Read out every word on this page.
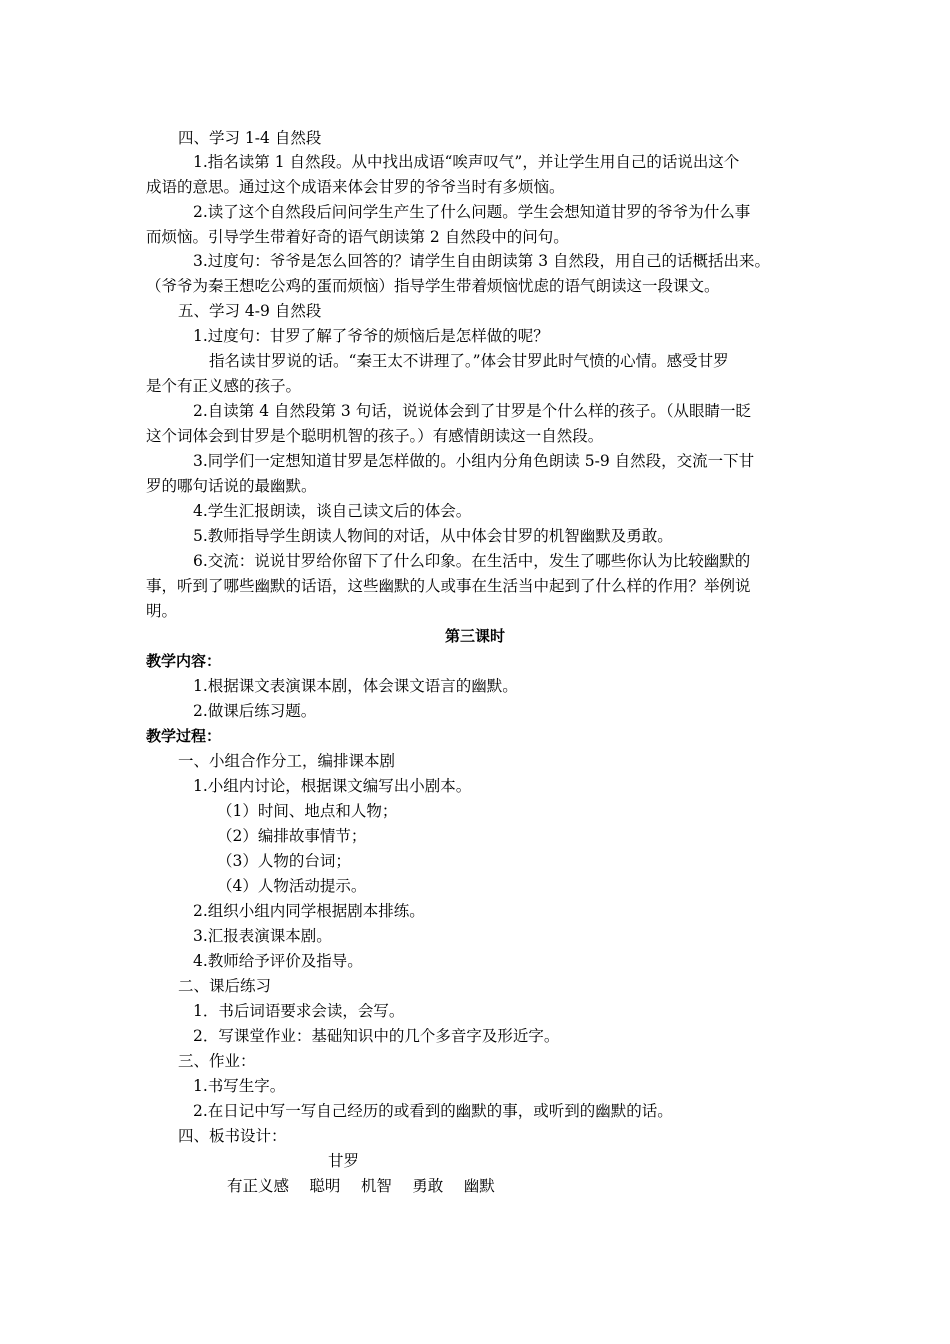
四、学习 1-4 自然段
1.指名读第 1 自然段。从中找出成语“唉声叹气”，并让学生用自己的话说出这个
成语的意思。通过这个成语来体会甘罗的爷爷当时有多烦恼。
2.读了这个自然段后问问学生产生了什么问题。学生会想知道甘罗的爷爷为什么事
而烦恼。引导学生带着好奇的语气朗读第 2 自然段中的问句。
3.过度句：爷爷是怎么回答的？请学生自由朗读第 3 自然段，用自己的话概括出来。
（爷爷为秦王想吃公鸡的蛋而烦恼）指导学生带着烦恼忧虑的语气朗读这一段课文。
五、学习 4-9 自然段
1.过度句：甘罗了解了爷爷的烦恼后是怎样做的呢？
指名读甘罗说的话。“秦王太不讲理了。”体会甘罗此时气愤的心情。感受甘罗
是个有正义感的孩子。
2.自读第 4 自然段第 3 句话，说说体会到了甘罗是个什么样的孩子。（从眼睛一眨
这个词体会到甘罗是个聪明机智的孩子。）有感情朗读这一自然段。
3.同学们一定想知道甘罗是怎样做的。小组内分角色朗读 5-9 自然段，交流一下甘
罗的哪句话说的最幽默。
4.学生汇报朗读，谈自己读文后的体会。
5.教师指导学生朗读人物间的对话，从中体会甘罗的机智幽默及勇敢。
6.交流：说说甘罗给你留下了什么印象。在生活中，发生了哪些你认为比较幽默的
事，听到了哪些幽默的话语，这些幽默的人或事在生活当中起到了什么样的作用？举例说
明。
第三课时
教学内容：
1.根据课文表演课本剧，体会课文语言的幽默。
2.做课后练习题。
教学过程：
一、小组合作分工，编排课本剧
1.小组内讨论，根据课文编写出小剧本。
（1）时间、地点和人物；
（2）编排故事情节；
（3）人物的台词；
（4）人物活动提示。
2.组织小组内同学根据剧本排练。
3.汇报表演课本剧。
4.教师给予评价及指导。
二、课后练习
1．书后词语要求会读，会写。
2．写课堂作业：基础知识中的几个多音字及形近字。
三、作业：
1.书写生字。
2.在日记中写一写自己经历的或看到的幽默的事，或听到的幽默的话。
四、板书设计：
甘罗
有正义感　 聪明　 机智　 勇敢　 幽默
